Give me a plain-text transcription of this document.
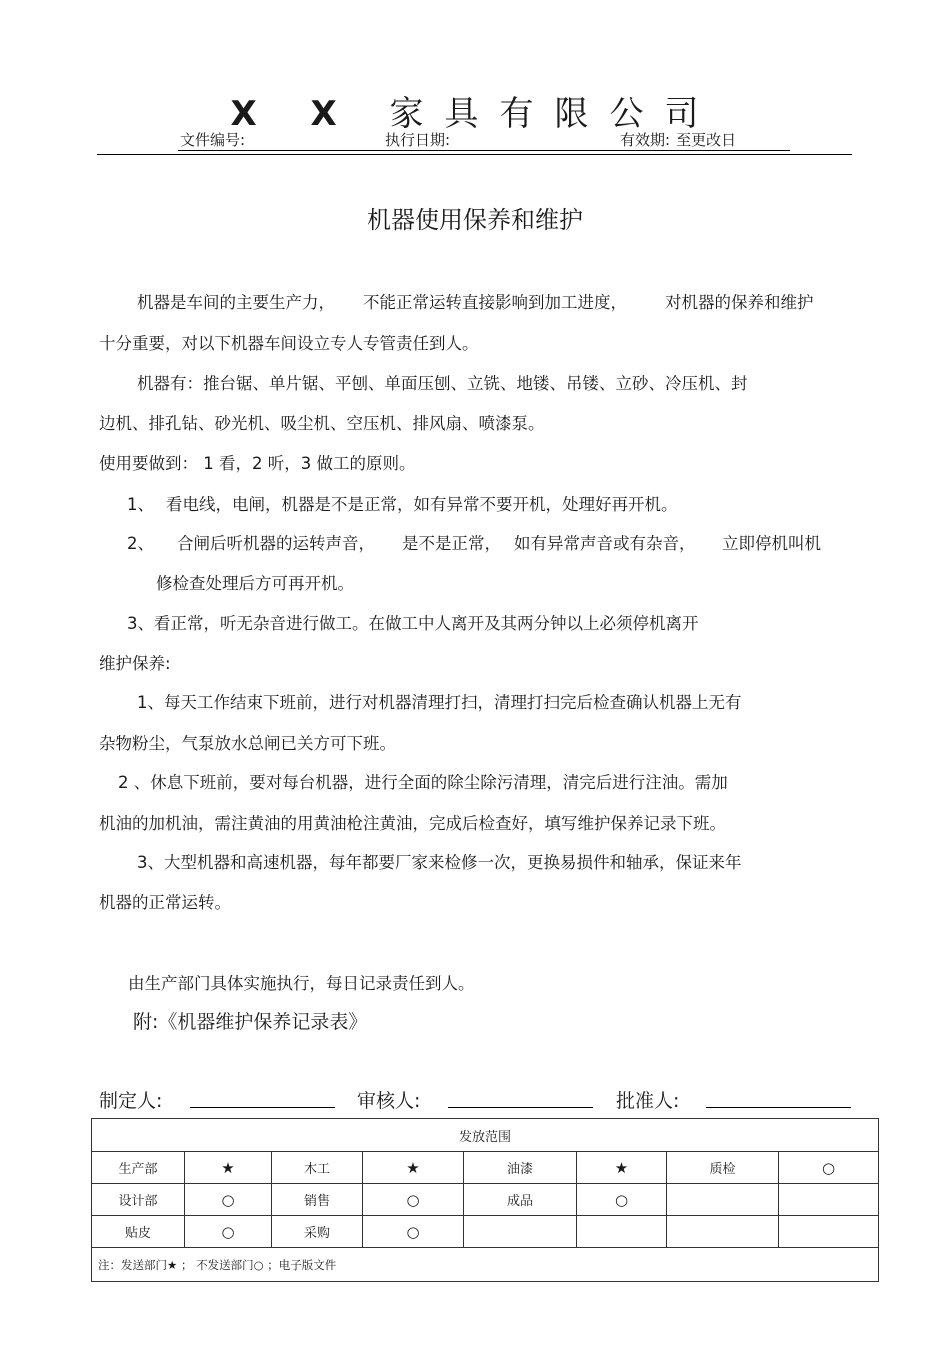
X X 家具有限公司
文件编号:	执行日期:	有效期: 至更改日
机器使用保养和维护
机器是车间的主要生产力， 不能正常运转直接影响到加工进度， 对机器的保养和维护
十分重要，对以下机器车间设立专人专管责任到人。
机器有：推台锯、单片锯、平刨、单面压刨、立铣、地镂、吊镂、立砂、冷压机、封
边机、排孔钻、砂光机、吸尘机、空压机、排风扇、喷漆泵。
使用要做到： 1 看，2 听，3 做工的原则。
1、 看电线，电闸，机器是不是正常，如有异常不要开机，处理好再开机。
2、 合闸后听机器的运转声音， 是不是正常， 如有异常声音或有杂音， 立即停机叫机
修检查处理后方可再开机。
3、看正常，听无杂音进行做工。在做工中人离开及其两分钟以上必须停机离开
维护保养:
1、每天工作结束下班前，进行对机器清理打扫，清理打扫完后检查确认机器上无有
杂物粉尘，气泵放水总闸已关方可下班。
2 、休息下班前，要对每台机器，进行全面的除尘除污清理，清完后进行注油。需加
机油的加机油，需注黄油的用黄油枪注黄油，完成后检查好，填写维护保养记录下班。
3、大型机器和高速机器，每年都要厂家来检修一次，更换易损件和轴承，保证来年
机器的正常运转。
由生产部门具体实施执行，每日记录责任到人。
附:《机器维护保养记录表》
制定人:	审核人:	批准人:
发放范围							
生产部	★	木工	★	油漆	★	质检	○
设计部	○	销售	○	成品	○		
贴皮	○	采购	○				
注：发送部门★ ； 不发送部门○ ；电子版文件							
